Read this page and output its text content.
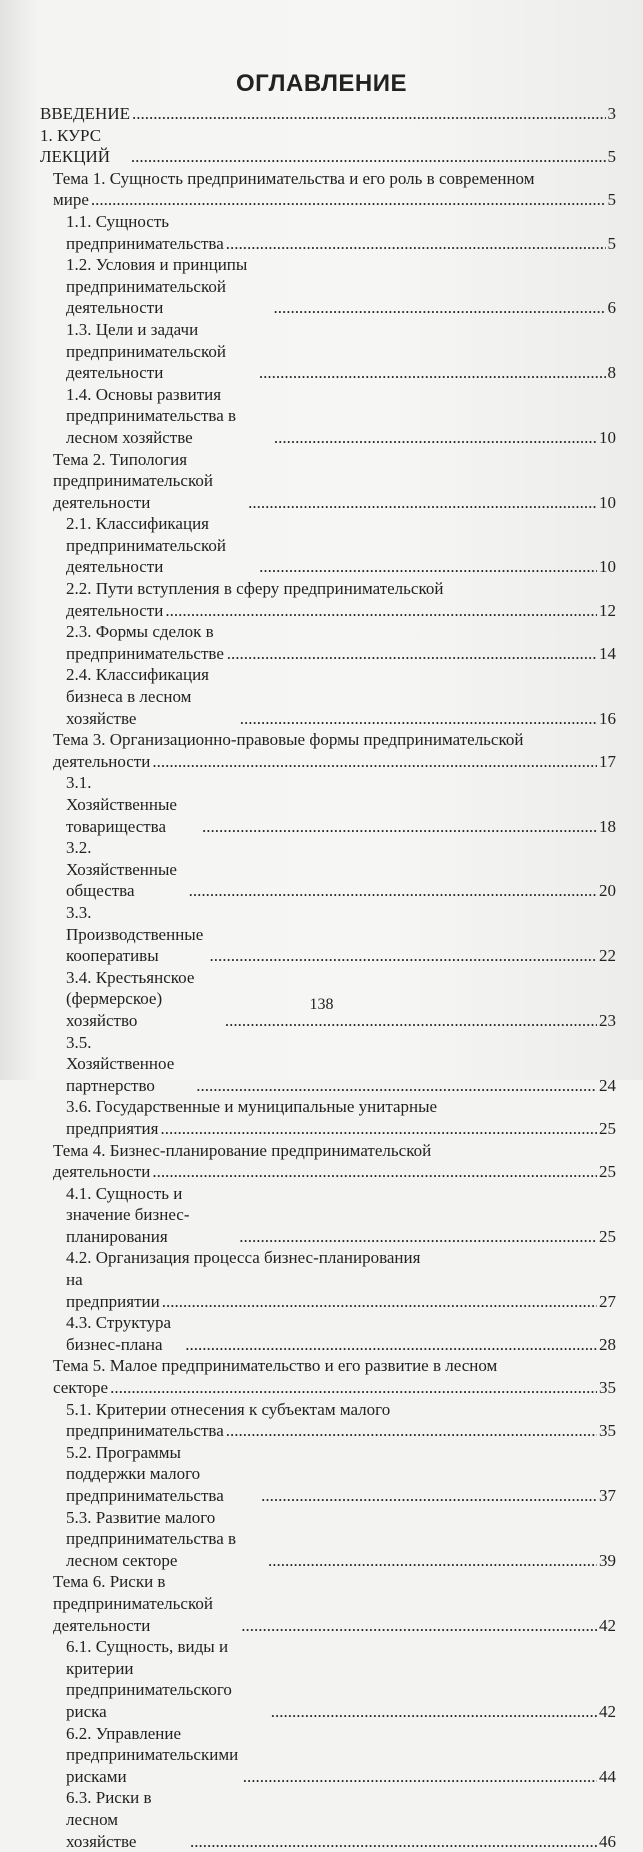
ОГЛАВЛЕНИЕ
ВВЕДЕНИЕ .....	3
1. КУРС ЛЕКЦИЙ .....	5
Тема 1. Сущность предпринимательства и его роль в современном
мире .....	5
1.1. Сущность предпринимательства .....	5
1.2. Условия и принципы предпринимательской деятельности .....	6
1.3. Цели и задачи предпринимательской деятельности .....	8
1.4. Основы развития предпринимательства в лесном хозяйстве .....	10
Тема 2. Типология предпринимательской деятельности .....	10
2.1. Классификация предпринимательской деятельности .....	10
2.2. Пути вступления в сферу предпринимательской
деятельности .....	12
2.3. Формы сделок в предпринимательстве .....	14
2.4. Классификация бизнеса в лесном хозяйстве .....	16
Тема 3. Организационно-правовые формы предпринимательской
деятельности .....	17
3.1. Хозяйственные товарищества .....	18
3.2. Хозяйственные общества .....	20
3.3. Производственные кооперативы .....	22
3.4. Крестьянское (фермерское) хозяйство .....	23
3.5. Хозяйственное партнерство .....	24
3.6. Государственные и муниципальные унитарные
предприятия .....	25
Тема 4. Бизнес-планирование предпринимательской
деятельности .....	25
4.1. Сущность и значение бизнес-планирования .....	25
4.2. Организация процесса бизнес-планирования
на предприятии .....	27
4.3. Структура бизнес-плана .....	28
Тема 5. Малое предпринимательство и его развитие в лесном
секторе .....	35
5.1. Критерии отнесения к субъектам малого
предпринимательства .....	35
5.2. Программы поддержки малого предпринимательства .....	37
5.3. Развитие малого предпринимательства в лесном секторе .....	39
Тема 6. Риски в предпринимательской деятельности .....	42
6.1. Сущность, виды и критерии предпринимательского риска .....	42
6.2. Управление предпринимательскими рисками .....	44
6.3. Риски в лесном хозяйстве .....	46
138
